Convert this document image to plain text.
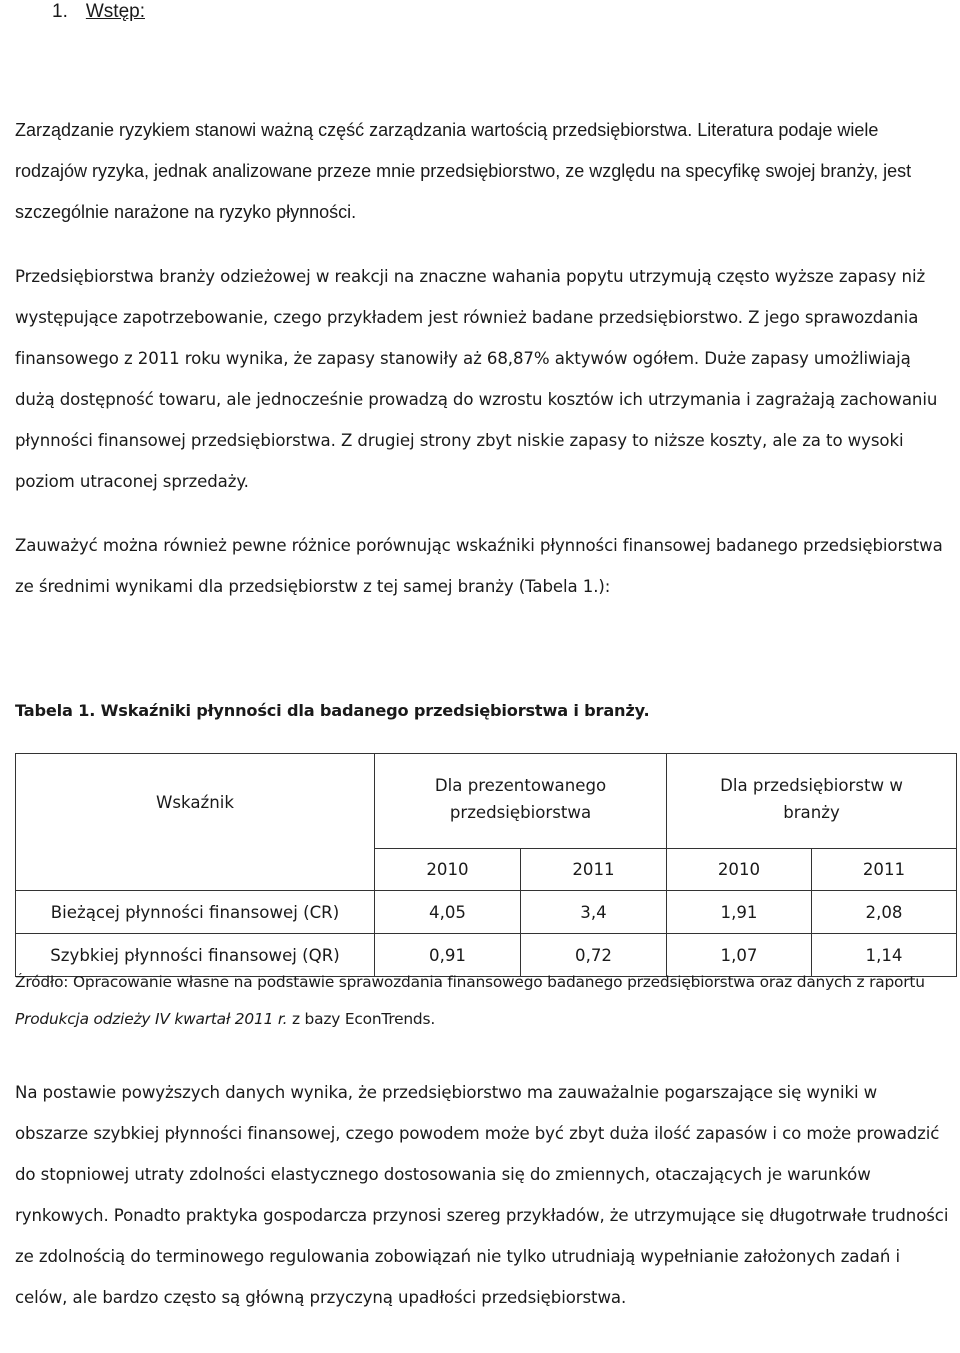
1. Wstęp:

Zarządzanie ryzykiem stanowi ważną część zarządzania wartością przedsiębiorstwa. Literatura podaje wiele rodzajów ryzyka, jednak analizowane przeze mnie przedsiębiorstwo, ze względu na specyfikę swojej branży, jest szczególnie narażone na ryzyko płynności.

Przedsiębiorstwa branży odzieżowej w reakcji na znaczne wahania popytu utrzymują często wyższe zapasy niż występujące zapotrzebowanie, czego przykładem jest również badane przedsiębiorstwo. Z jego sprawozdania finansowego z 2011 roku wynika, że zapasy stanowiły aż 68,87% aktywów ogółem. Duże zapasy umożliwiają dużą dostępność towaru, ale jednocześnie prowadzą do wzrostu kosztów ich utrzymania i zagrażają zachowaniu płynności finansowej przedsiębiorstwa. Z drugiej strony zbyt niskie zapasy to niższe koszty, ale za to wysoki poziom utraconej sprzedaży.

Zauważyć można również pewne różnice porównując wskaźniki płynności finansowej badanego przedsiębiorstwa ze średnimi wynikami dla przedsiębiorstw z tej samej branży (Tabela 1.):

Tabela 1. Wskaźniki płynności dla badanego przedsiębiorstwa i branży.

Wskaźnik	Dla prezentowanego		Dla przedsiębiorstw w	
	przedsiębiorstwa		branży	
	2010	2011	2010	2011
Bieżącej płynności finansowej (CR)	4,05	3,4	1,91	2,08
Szybkiej płynności finansowej (QR)	0,91	0,72	1,07	1,14

Źródło: Opracowanie własne na podstawie sprawozdania finansowego badanego przedsiębiorstwa oraz danych z raportu Produkcja odzieży IV kwartał 2011 r. z bazy EconTrends.

Na postawie powyższych danych wynika, że przedsiębiorstwo ma zauważalnie pogarszające się wyniki w obszarze szybkiej płynności finansowej, czego powodem może być zbyt duża ilość zapasów i co może prowadzić do stopniowej utraty zdolności elastycznego dostosowania się do zmiennych, otaczających je warunków rynkowych. Ponadto praktyka gospodarcza przynosi szereg przykładów, że utrzymujące się długotrwałe trudności ze zdolnością do terminowego regulowania zobowiązań nie tylko utrudniają wypełnianie założonych zadań i celów, ale bardzo często są główną przyczyną upadłości przedsiębiorstwa.
